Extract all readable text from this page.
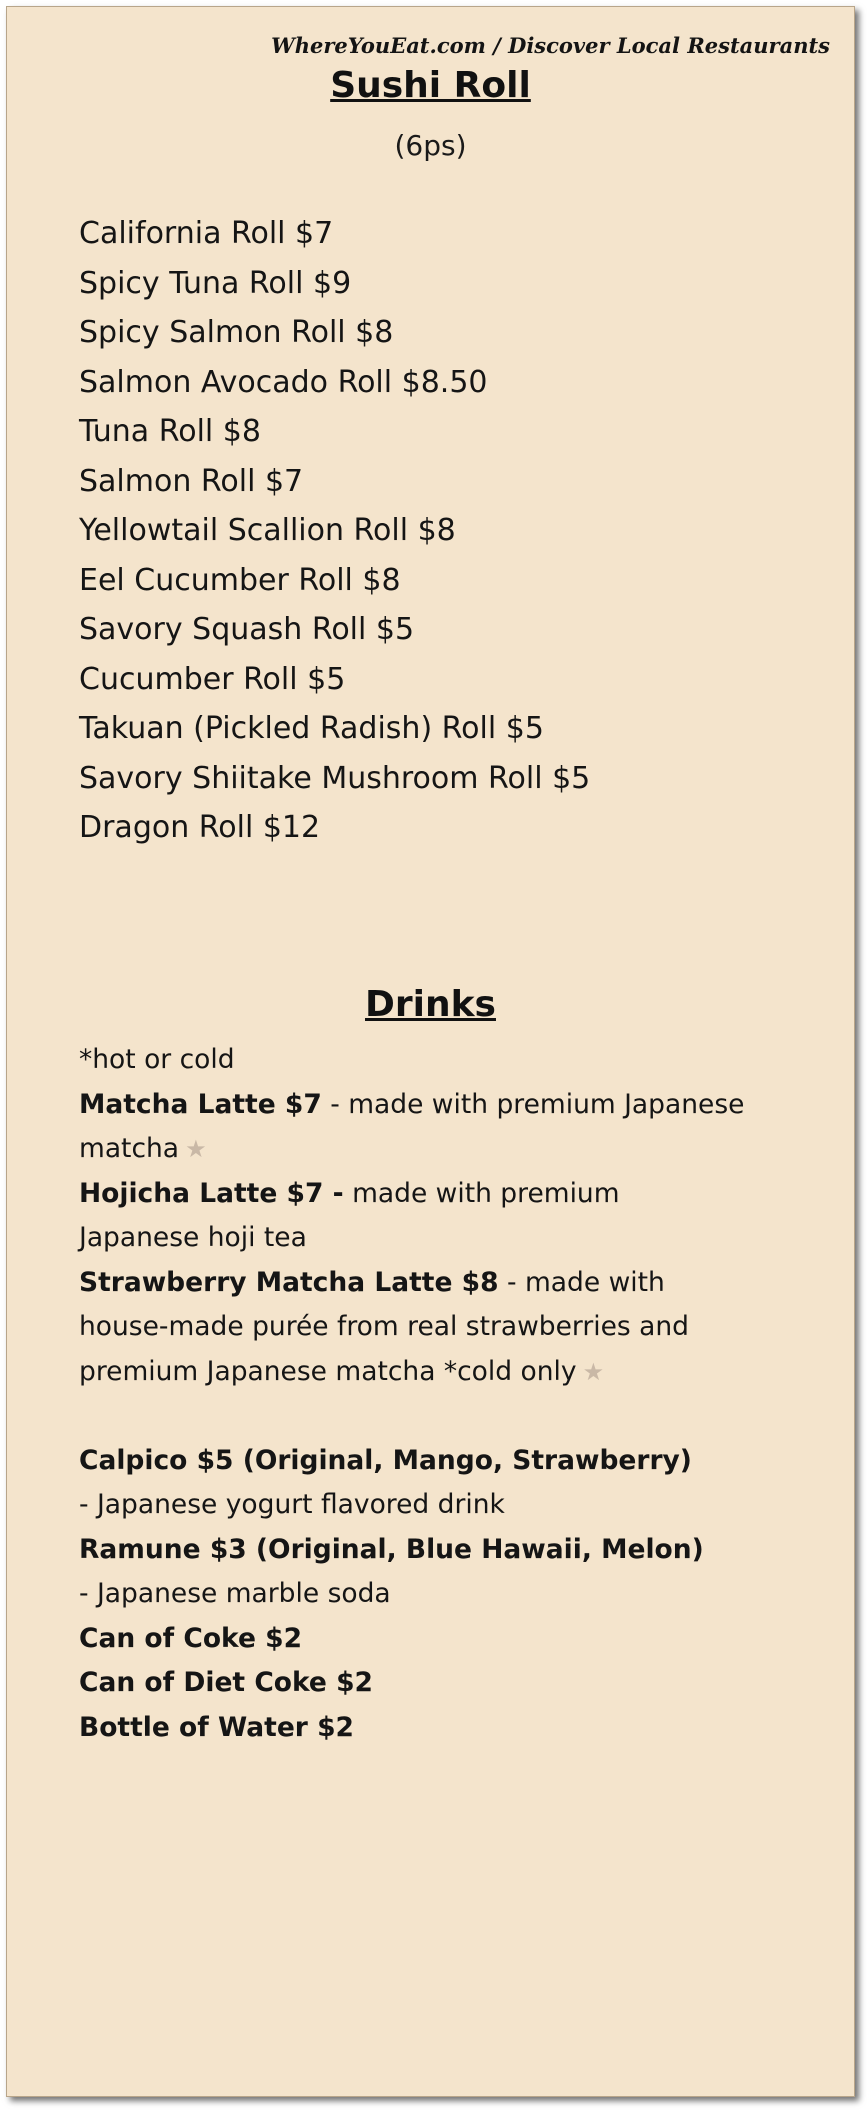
WhereYouEat.com / Discover Local Restaurants
Sushi Roll
(6ps)
California Roll $7
Spicy Tuna Roll $9
Spicy Salmon Roll $8
Salmon Avocado Roll $8.50
Tuna Roll $8
Salmon Roll $7
Yellowtail Scallion Roll $8
Eel Cucumber Roll $8
Savory Squash Roll $5
Cucumber Roll $5
Takuan (Pickled Radish) Roll $5
Savory Shiitake Mushroom Roll $5
Dragon Roll $12
Drinks
*hot or cold
Matcha Latte $7 - made with premium Japanese
matcha ★
Hojicha Latte $7 - made with premium
Japanese hoji tea
Strawberry Matcha Latte $8 - made with
house-made purée from real strawberries and
premium Japanese matcha *cold only ★
Calpico $5 (Original, Mango, Strawberry)
- Japanese yogurt flavored drink
Ramune $3 (Original, Blue Hawaii, Melon)
- Japanese marble soda
Can of Coke $2
Can of Diet Coke $2
Bottle of Water $2
